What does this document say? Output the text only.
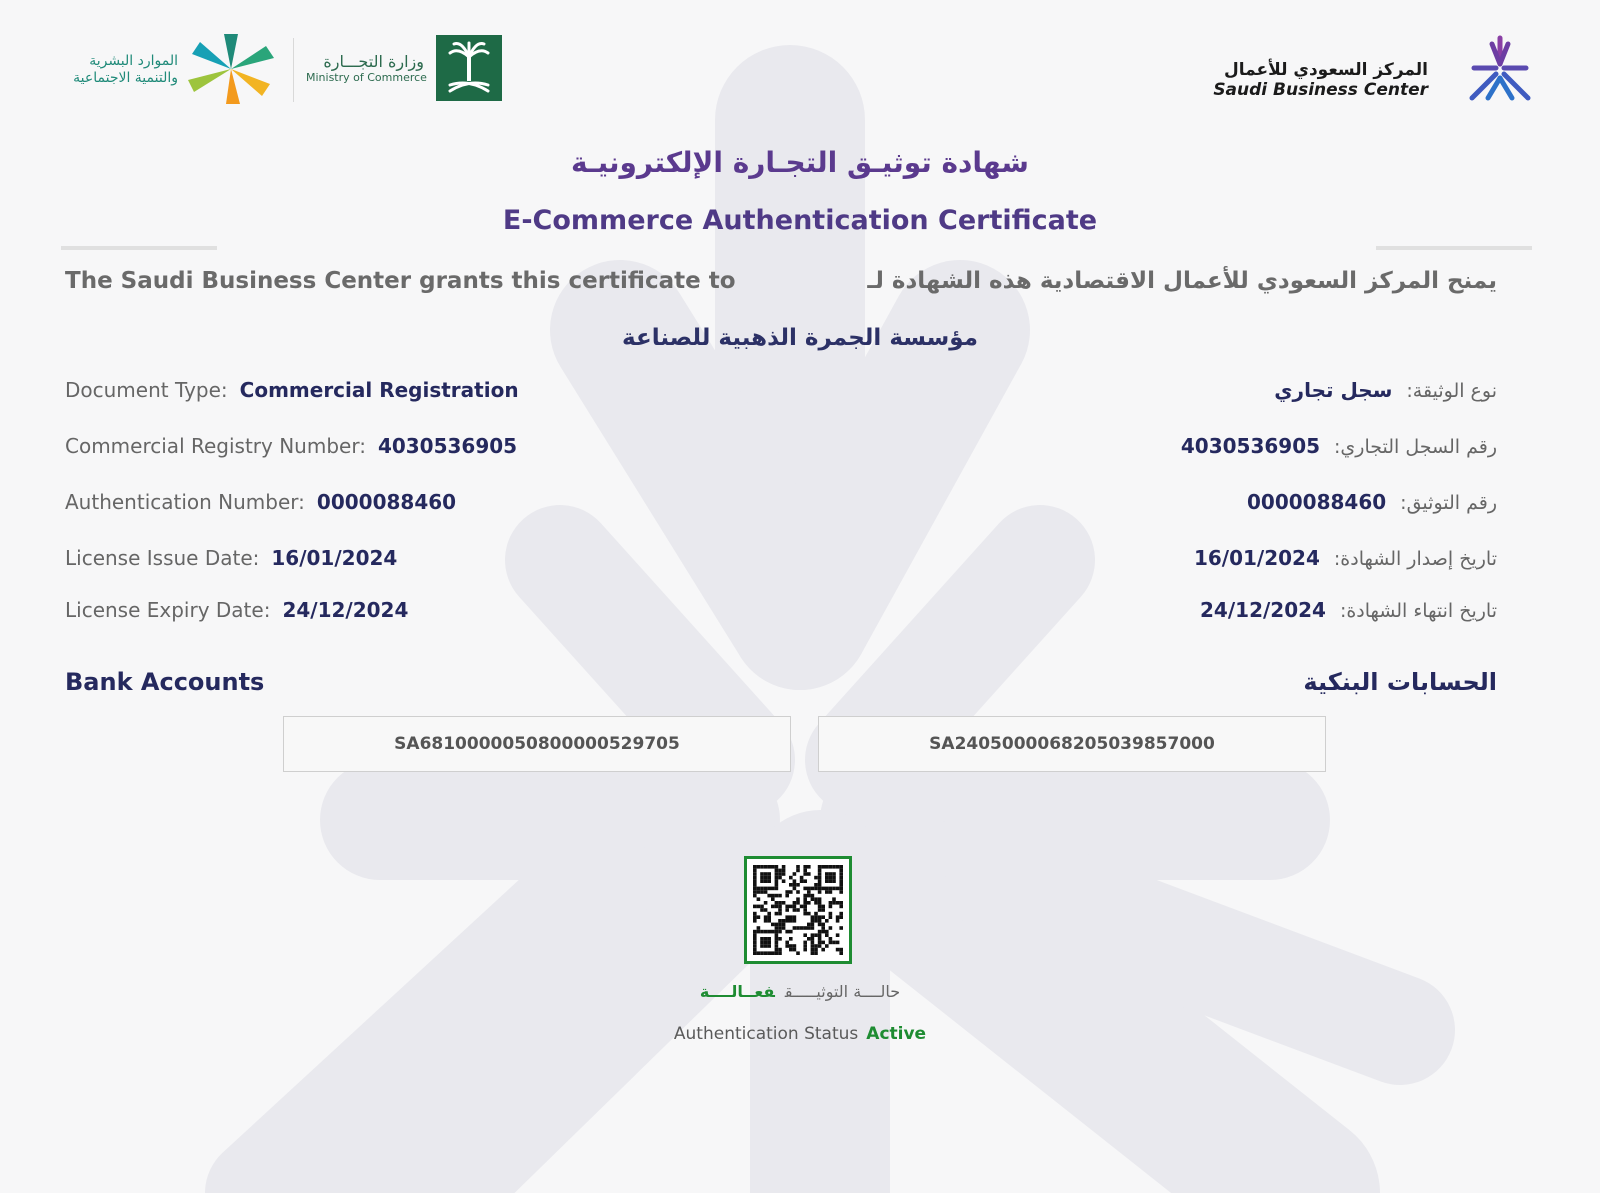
الموارد البشرية
والتنمية الاجتماعية
وزارة التجـــارة
Ministry of Commerce	المركز السعودي للأعمال
Saudi Business Center
شهادة توثيـق التجـارة الإلكترونيـة
E-Commerce Authentication Certificate
The Saudi Business Center grants this certificate to	يمنح المركز السعودي للأعمال الاقتصادية هذه الشهادة لـ
مؤسسة الجمرة الذهبية للصناعة
Document Type: Commercial Registration
Commercial Registry Number: 4030536905
Authentication Number: 0000088460
License Issue Date: 16/01/2024
License Expiry Date: 24/12/2024
نوع الوثيقة:سجل تجاري
رقم السجل التجاري:4030536905
رقم التوثيق:0000088460
تاريخ إصدار الشهادة:16/01/2024
تاريخ انتهاء الشهادة:24/12/2024
Bank Accounts	الحسابات البنكية
SA6810000050800000529705	SA2405000068205039857000
حالــــة التوثيـــــقفعــالــــة
Authentication Status Active
